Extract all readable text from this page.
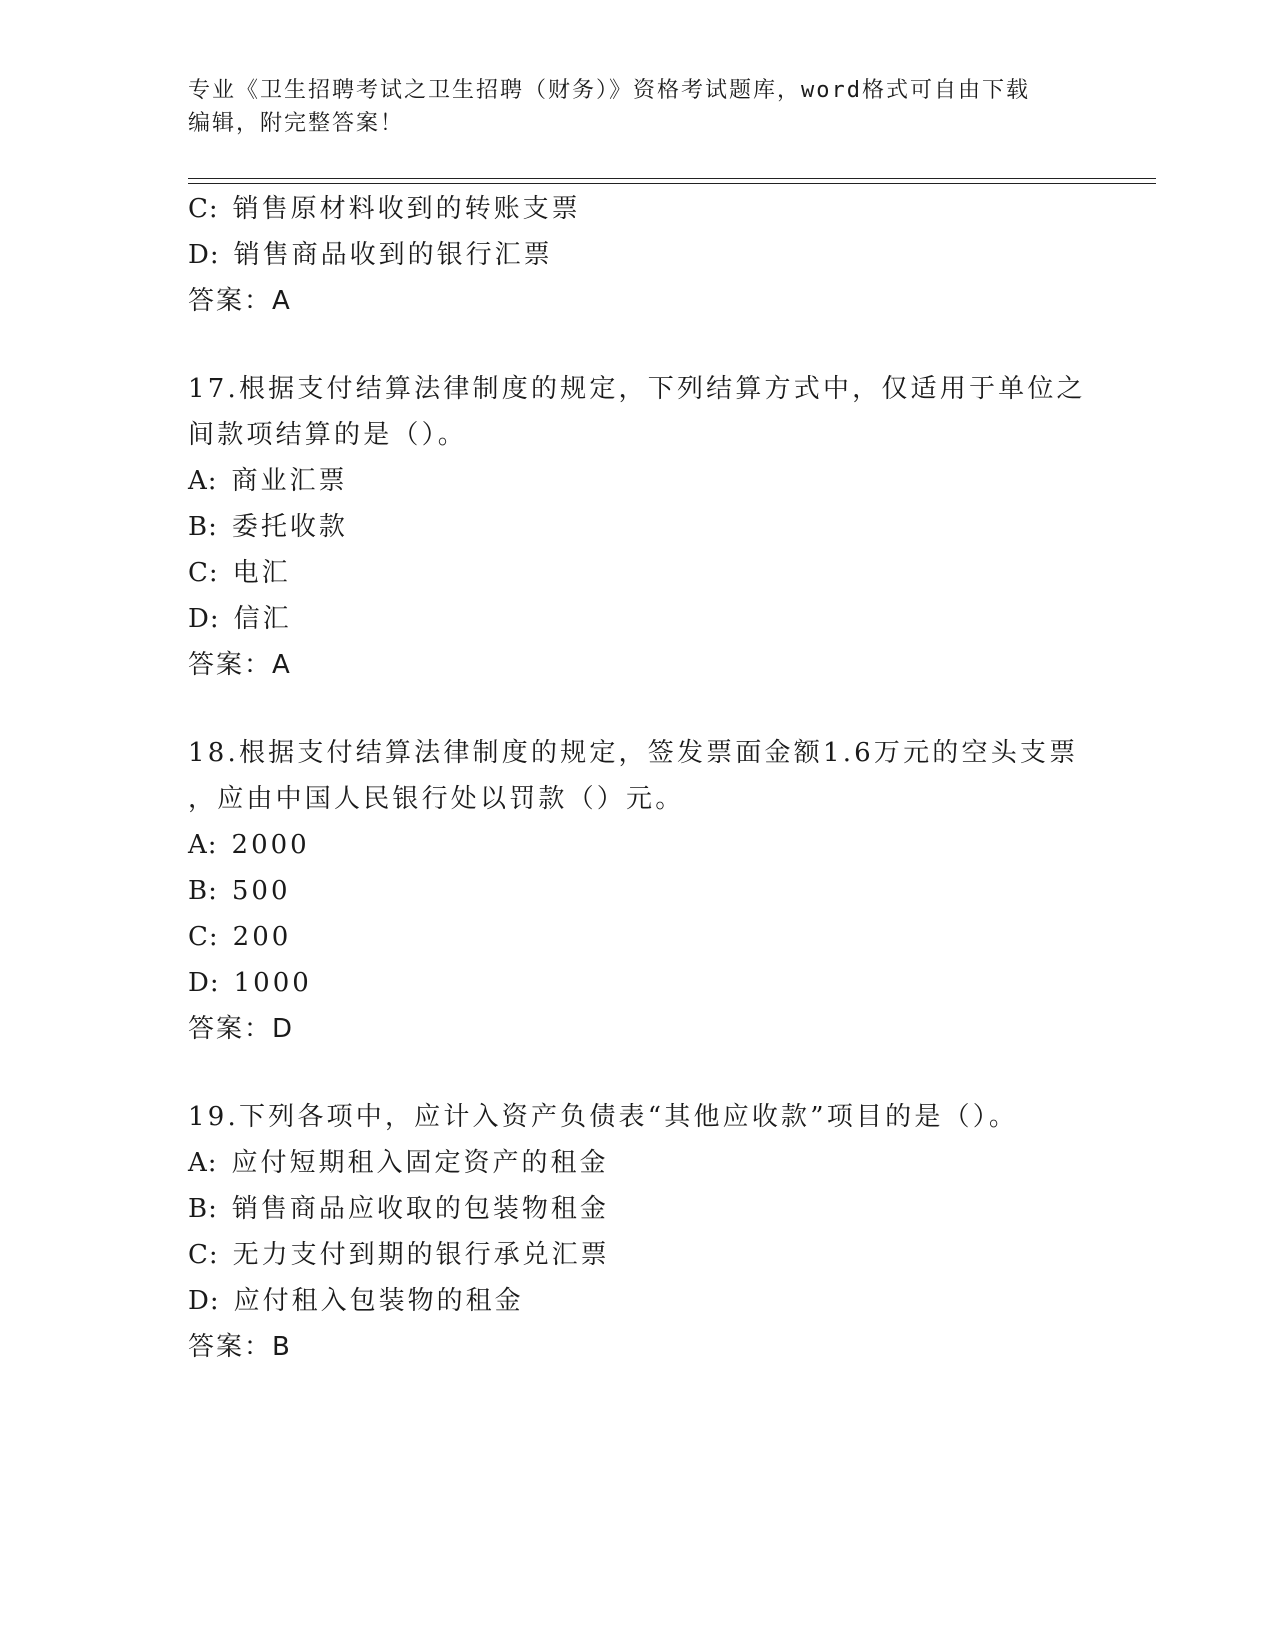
专业《卫生招聘考试之卫生招聘（财务）》资格考试题库，word格式可自由下载
编辑，附完整答案！
C: 销售原材料收到的转账支票
D: 销售商品收到的银行汇票
答案：A
17.根据支付结算法律制度的规定，下列结算方式中，仅适用于单位之
间款项结算的是（）。
A: 商业汇票
B: 委托收款
C: 电汇
D: 信汇
答案：A
18.根据支付结算法律制度的规定，签发票面金额1.6万元的空头支票
，应由中国人民银行处以罚款（）元。
A: 2000
B: 500
C: 200
D: 1000
答案：D
19.下列各项中，应计入资产负债表“其他应收款”项目的是（）。
A: 应付短期租入固定资产的租金
B: 销售商品应收取的包装物租金
C: 无力支付到期的银行承兑汇票
D: 应付租入包装物的租金
答案：B
